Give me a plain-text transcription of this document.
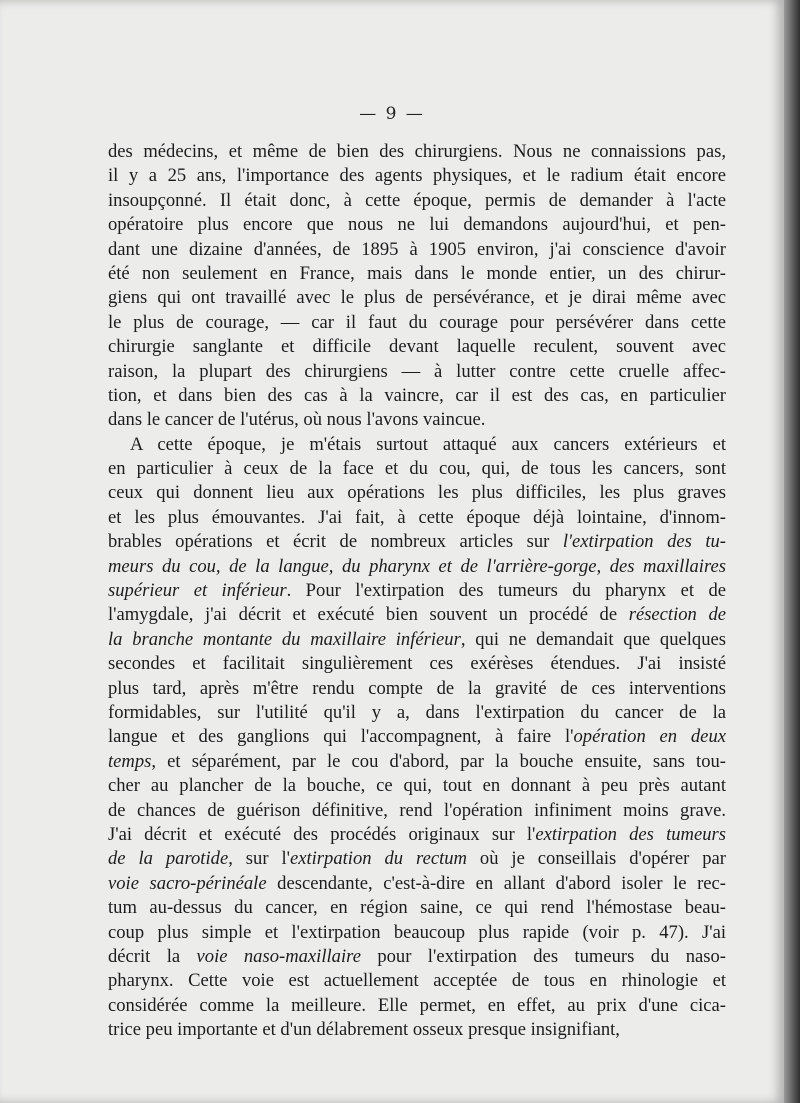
— 9 —
des médecins, et même de bien des chirurgiens. Nous ne connaissions pas,
il y a 25 ans, l'importance des agents physiques, et le radium était encore
insoupçonné. Il était donc, à cette époque, permis de demander à l'acte
opératoire plus encore que nous ne lui demandons aujourd'hui, et pen-
dant une dizaine d'années, de 1895 à 1905 environ, j'ai conscience d'avoir
été non seulement en France, mais dans le monde entier, un des chirur-
giens qui ont travaillé avec le plus de persévérance, et je dirai même avec
le plus de courage, — car il faut du courage pour persévérer dans cette
chirurgie sanglante et difficile devant laquelle reculent, souvent avec
raison, la plupart des chirurgiens — à lutter contre cette cruelle affec-
tion, et dans bien des cas à la vaincre, car il est des cas, en particulier
dans le cancer de l'utérus, où nous l'avons vaincue.
A cette époque, je m'étais surtout attaqué aux cancers extérieurs et
en particulier à ceux de la face et du cou, qui, de tous les cancers, sont
ceux qui donnent lieu aux opérations les plus difficiles, les plus graves
et les plus émouvantes. J'ai fait, à cette époque déjà lointaine, d'innom-
brables opérations et écrit de nombreux articles sur l'extirpation des tu-
meurs du cou, de la langue, du pharynx et de l'arrière-gorge, des maxillaires
supérieur et inférieur. Pour l'extirpation des tumeurs du pharynx et de
l'amygdale, j'ai décrit et exécuté bien souvent un procédé de résection de
la branche montante du maxillaire inférieur, qui ne demandait que quelques
secondes et facilitait singulièrement ces exérèses étendues. J'ai insisté
plus tard, après m'être rendu compte de la gravité de ces interventions
formidables, sur l'utilité qu'il y a, dans l'extirpation du cancer de la
langue et des ganglions qui l'accompagnent, à faire l'opération en deux
temps, et séparément, par le cou d'abord, par la bouche ensuite, sans tou-
cher au plancher de la bouche, ce qui, tout en donnant à peu près autant
de chances de guérison définitive, rend l'opération infiniment moins grave.
J'ai décrit et exécuté des procédés originaux sur l'extirpation des tumeurs
de la parotide, sur l'extirpation du rectum où je conseillais d'opérer par
voie sacro-périnéale descendante, c'est-à-dire en allant d'abord isoler le rec-
tum au-dessus du cancer, en région saine, ce qui rend l'hémostase beau-
coup plus simple et l'extirpation beaucoup plus rapide (voir p. 47). J'ai
décrit la voie naso-maxillaire pour l'extirpation des tumeurs du naso-
pharynx. Cette voie est actuellement acceptée de tous en rhinologie et
considérée comme la meilleure. Elle permet, en effet, au prix d'une cica-
trice peu importante et d'un délabrement osseux presque insignifiant,
